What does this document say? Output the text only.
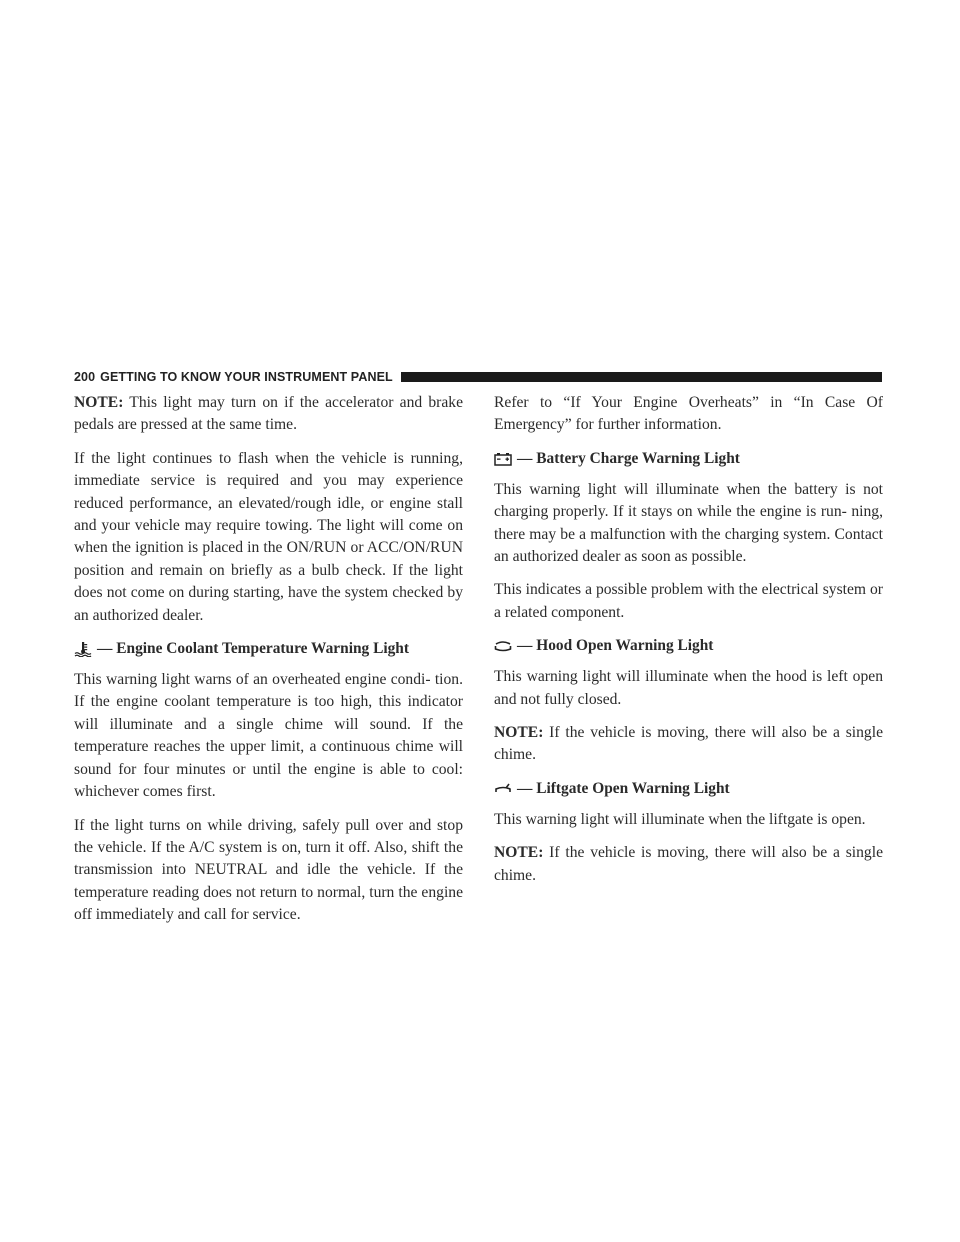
200 GETTING TO KNOW YOUR INSTRUMENT PANEL

NOTE: This light may turn on if the accelerator and brake pedals are pressed at the same time.

If the light continues to flash when the vehicle is running, immediate service is required and you may experience reduced performance, an elevated/rough idle, or engine stall and your vehicle may require towing. The light will come on when the ignition is placed in the ON/RUN or ACC/ON/RUN position and remain on briefly as a bulb check. If the light does not come on during starting, have the system checked by an authorized dealer.

— Engine Coolant Temperature Warning Light

This warning light warns of an overheated engine condi- tion. If the engine coolant temperature is too high, this indicator will illuminate and a single chime will sound. If the temperature reaches the upper limit, a continuous chime will sound for four minutes or until the engine is able to cool: whichever comes first.

If the light turns on while driving, safely pull over and stop the vehicle. If the A/C system is on, turn it off. Also, shift the transmission into NEUTRAL and idle the vehicle. If the temperature reading does not return to normal, turn the engine off immediately and call for service.

Refer to “If Your Engine Overheats” in “In Case Of Emergency” for further information.

— Battery Charge Warning Light

This warning light will illuminate when the battery is not charging properly. If it stays on while the engine is run- ning, there may be a malfunction with the charging system. Contact an authorized dealer as soon as possible.

This indicates a possible problem with the electrical system or a related component.

— Hood Open Warning Light

This warning light will illuminate when the hood is left open and not fully closed.

NOTE: If the vehicle is moving, there will also be a single chime.

— Liftgate Open Warning Light

This warning light will illuminate when the liftgate is open.

NOTE: If the vehicle is moving, there will also be a single chime.
